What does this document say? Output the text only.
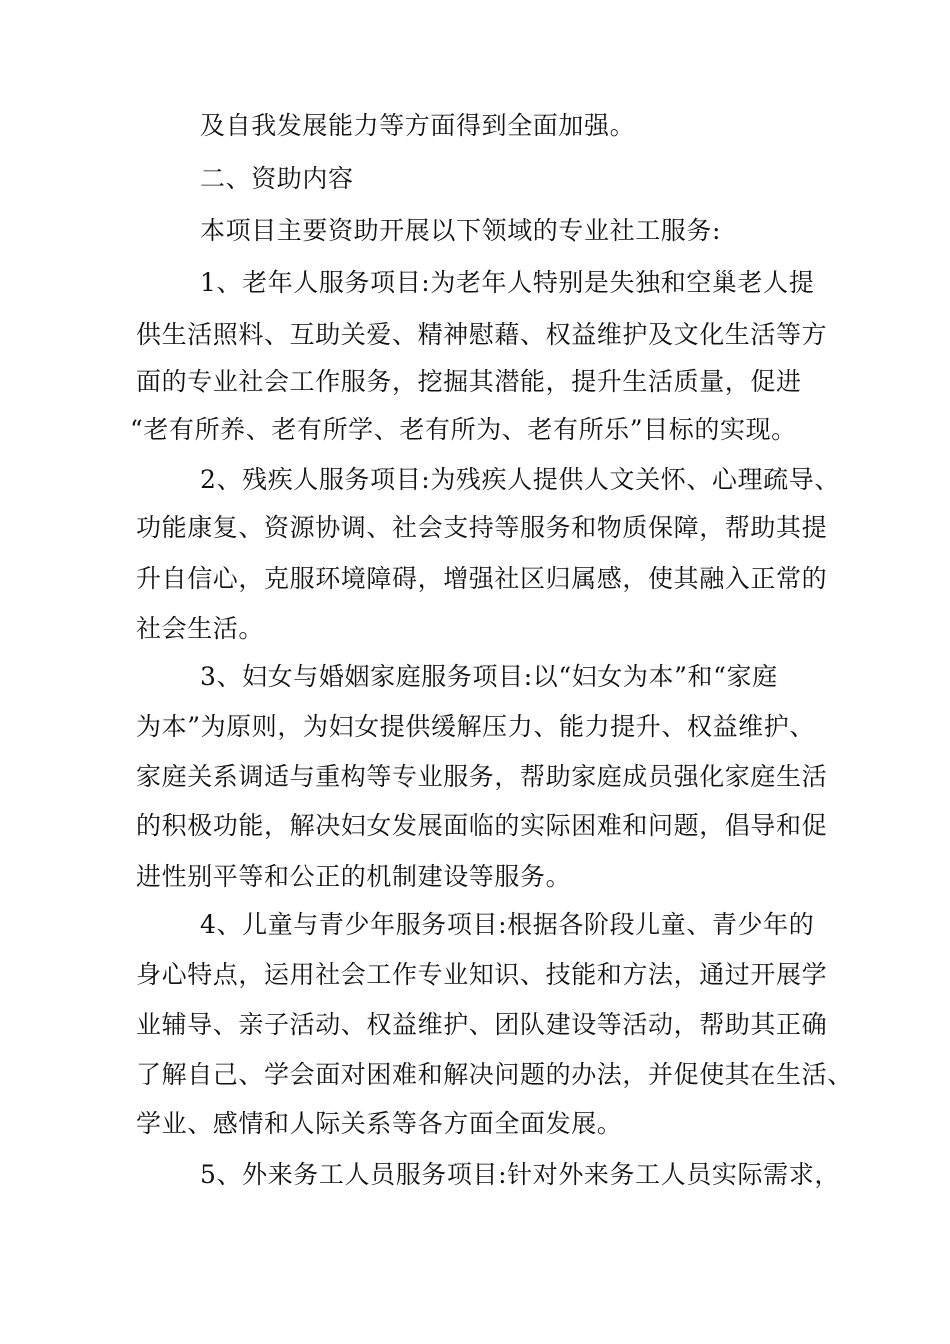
及自我发展能力等方面得到全面加强。
二、资助内容
本项目主要资助开展以下领域的专业社工服务:
1、老年人服务项目:为老年人特别是失独和空巢老人提
供生活照料、互助关爱、精神慰藉、权益维护及文化生活等方
面的专业社会工作服务，挖掘其潜能，提升生活质量，促进
“老有所养、老有所学、老有所为、老有所乐”目标的实现。
2、残疾人服务项目:为残疾人提供人文关怀、心理疏导、
功能康复、资源协调、社会支持等服务和物质保障，帮助其提
升自信心，克服环境障碍，增强社区归属感，使其融入正常的
社会生活。
3、妇女与婚姻家庭服务项目:以“妇女为本”和“家庭
为本”为原则，为妇女提供缓解压力、能力提升、权益维护、
家庭关系调适与重构等专业服务，帮助家庭成员强化家庭生活
的积极功能，解决妇女发展面临的实际困难和问题，倡导和促
进性别平等和公正的机制建设等服务。
4、儿童与青少年服务项目:根据各阶段儿童、青少年的
身心特点，运用社会工作专业知识、技能和方法，通过开展学
业辅导、亲子活动、权益维护、团队建设等活动，帮助其正确
了解自己、学会面对困难和解决问题的办法，并促使其在生活、
学业、感情和人际关系等各方面全面发展。
5、外来务工人员服务项目:针对外来务工人员实际需求，
